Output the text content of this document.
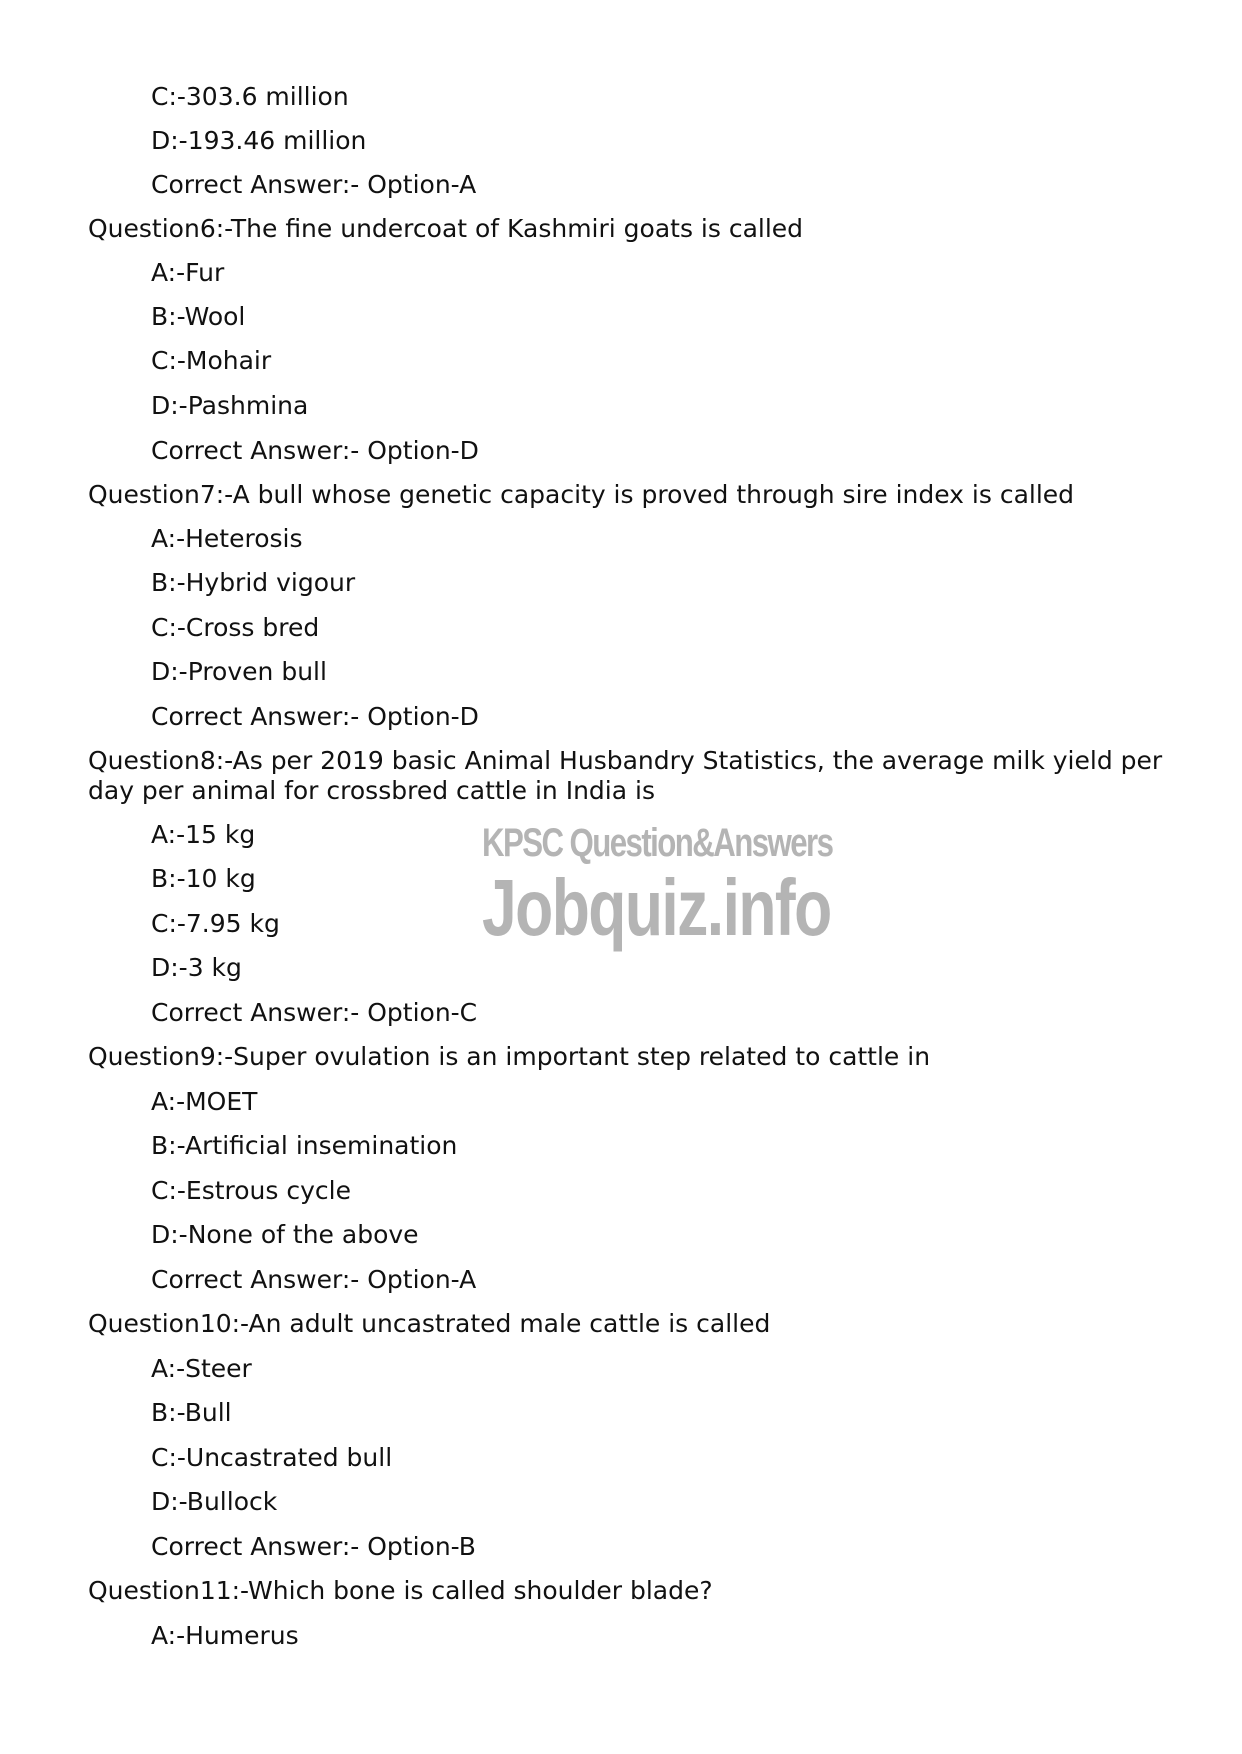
KPSC Question&Answers
Jobquiz.info
C:-303.6 million
D:-193.46 million
Correct Answer:- Option-A
Question6:-The fine undercoat of Kashmiri goats is called
A:-Fur
B:-Wool
C:-Mohair
D:-Pashmina
Correct Answer:- Option-D
Question7:-A bull whose genetic capacity is proved through sire index is called
A:-Heterosis
B:-Hybrid vigour
C:-Cross bred
D:-Proven bull
Correct Answer:- Option-D
Question8:-As per 2019 basic Animal Husbandry Statistics, the average milk yield per day per animal for crossbred cattle in India is
A:-15 kg
B:-10 kg
C:-7.95 kg
D:-3 kg
Correct Answer:- Option-C
Question9:-Super ovulation is an important step related to cattle in
A:-MOET
B:-Artificial insemination
C:-Estrous cycle
D:-None of the above
Correct Answer:- Option-A
Question10:-An adult uncastrated male cattle is called
A:-Steer
B:-Bull
C:-Uncastrated bull
D:-Bullock
Correct Answer:- Option-B
Question11:-Which bone is called shoulder blade?
A:-Humerus
